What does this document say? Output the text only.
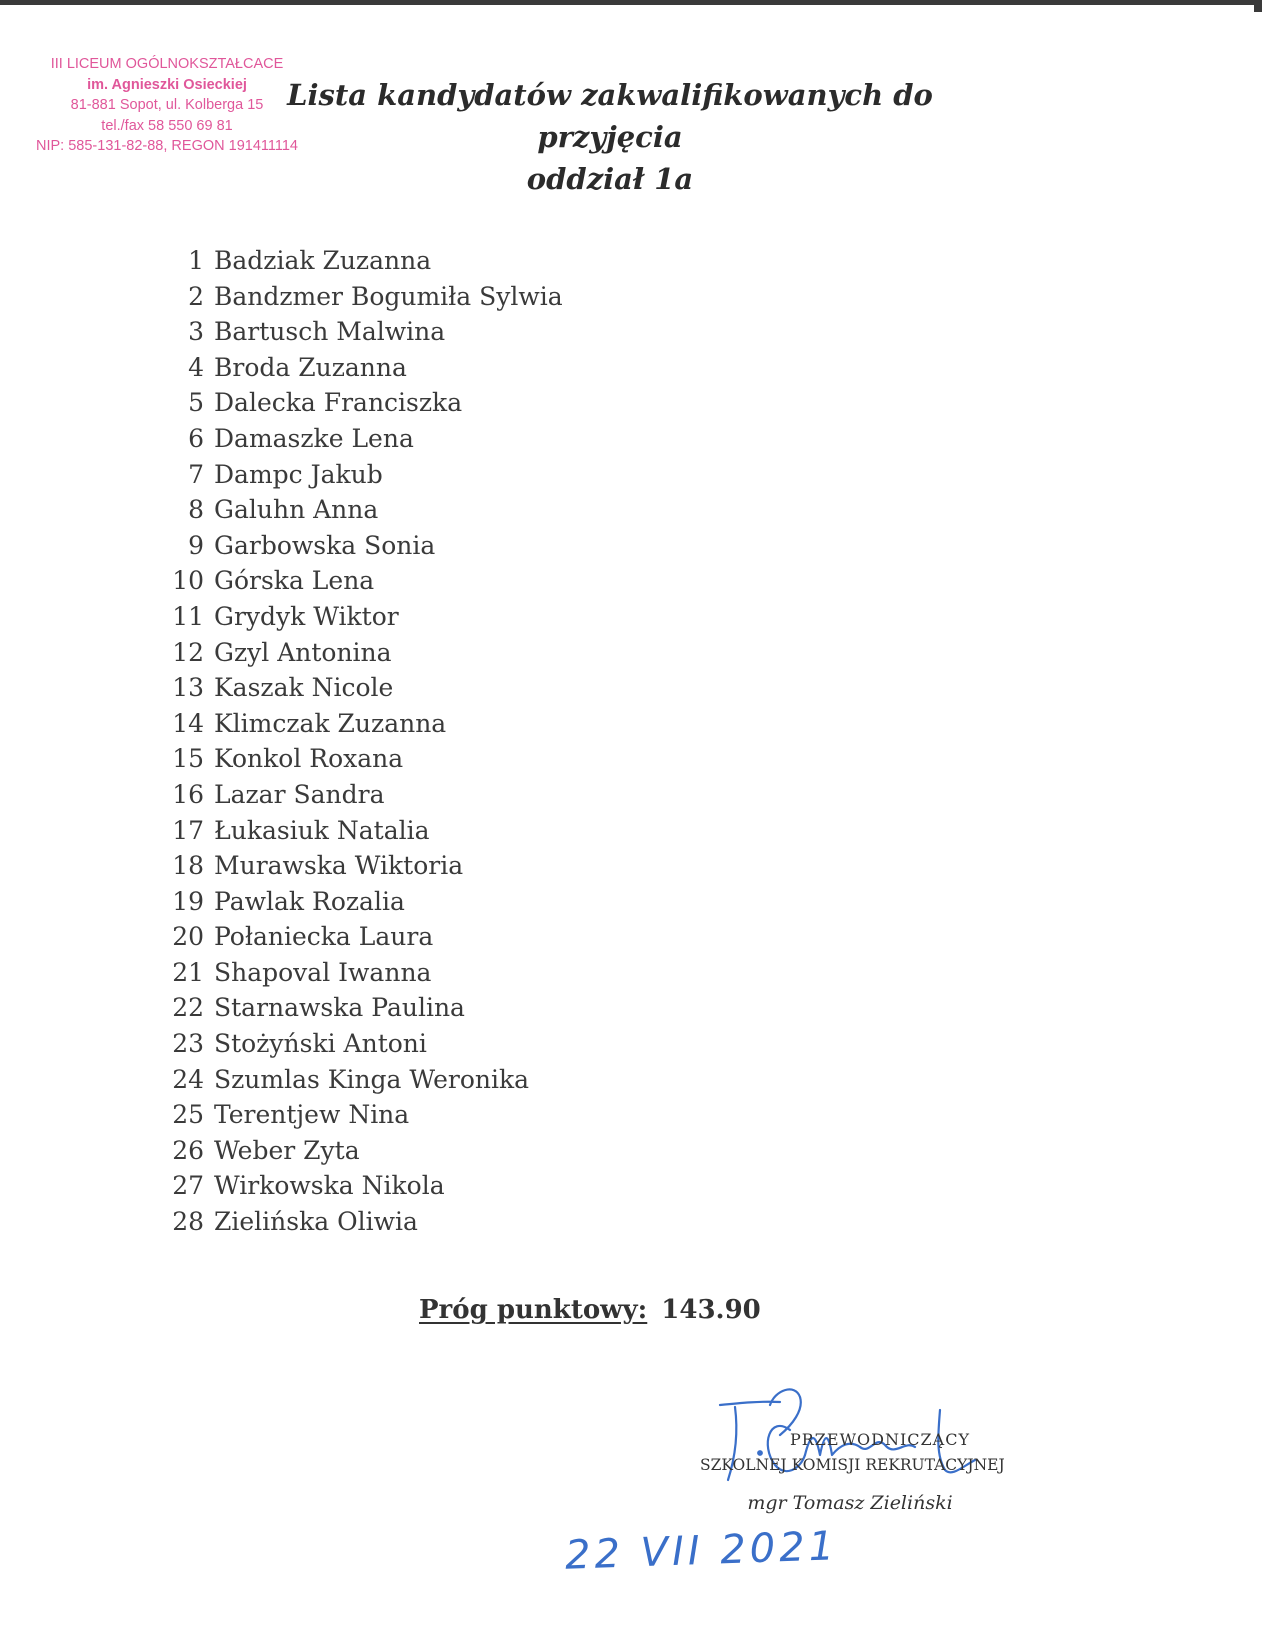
III LICEUM OGÓLNOKSZTAŁCACE
im. Agnieszki Osieckiej
81-881 Sopot, ul. Kolberga 15
tel./fax 58 550 69 81
NIP: 585-131-82-88, REGON 191411114
Lista kandydatów zakwalifikowanych do przyjęcia
oddział 1a
1 Badziak Zuzanna
2 Bandzmer Bogumiła Sylwia
3 Bartusch Malwina
4 Broda Zuzanna
5 Dalecka Franciszka
6 Damaszke Lena
7 Dampc Jakub
8 Galuhn Anna
9 Garbowska Sonia
10 Górska Lena
11 Grydyk Wiktor
12 Gzyl Antonina
13 Kaszak Nicole
14 Klimczak Zuzanna
15 Konkol Roxana
16 Lazar Sandra
17 Łukasiuk Natalia
18 Murawska Wiktoria
19 Pawlak Rozalia
20 Połaniecka Laura
21 Shapoval Iwanna
22 Starnawska Paulina
23 Stożyński Antoni
24 Szumlas Kinga Weronika
25 Terentjew Nina
26 Weber Zyta
27 Wirkowska Nikola
28 Zielińska Oliwia
Próg punktowy: 143.90
PRZEWODNICZĄCY
SZKOLNEJ KOMISJI REKRUTACYJNEJ
mgr Tomasz Zieliński
22 VII 2021
